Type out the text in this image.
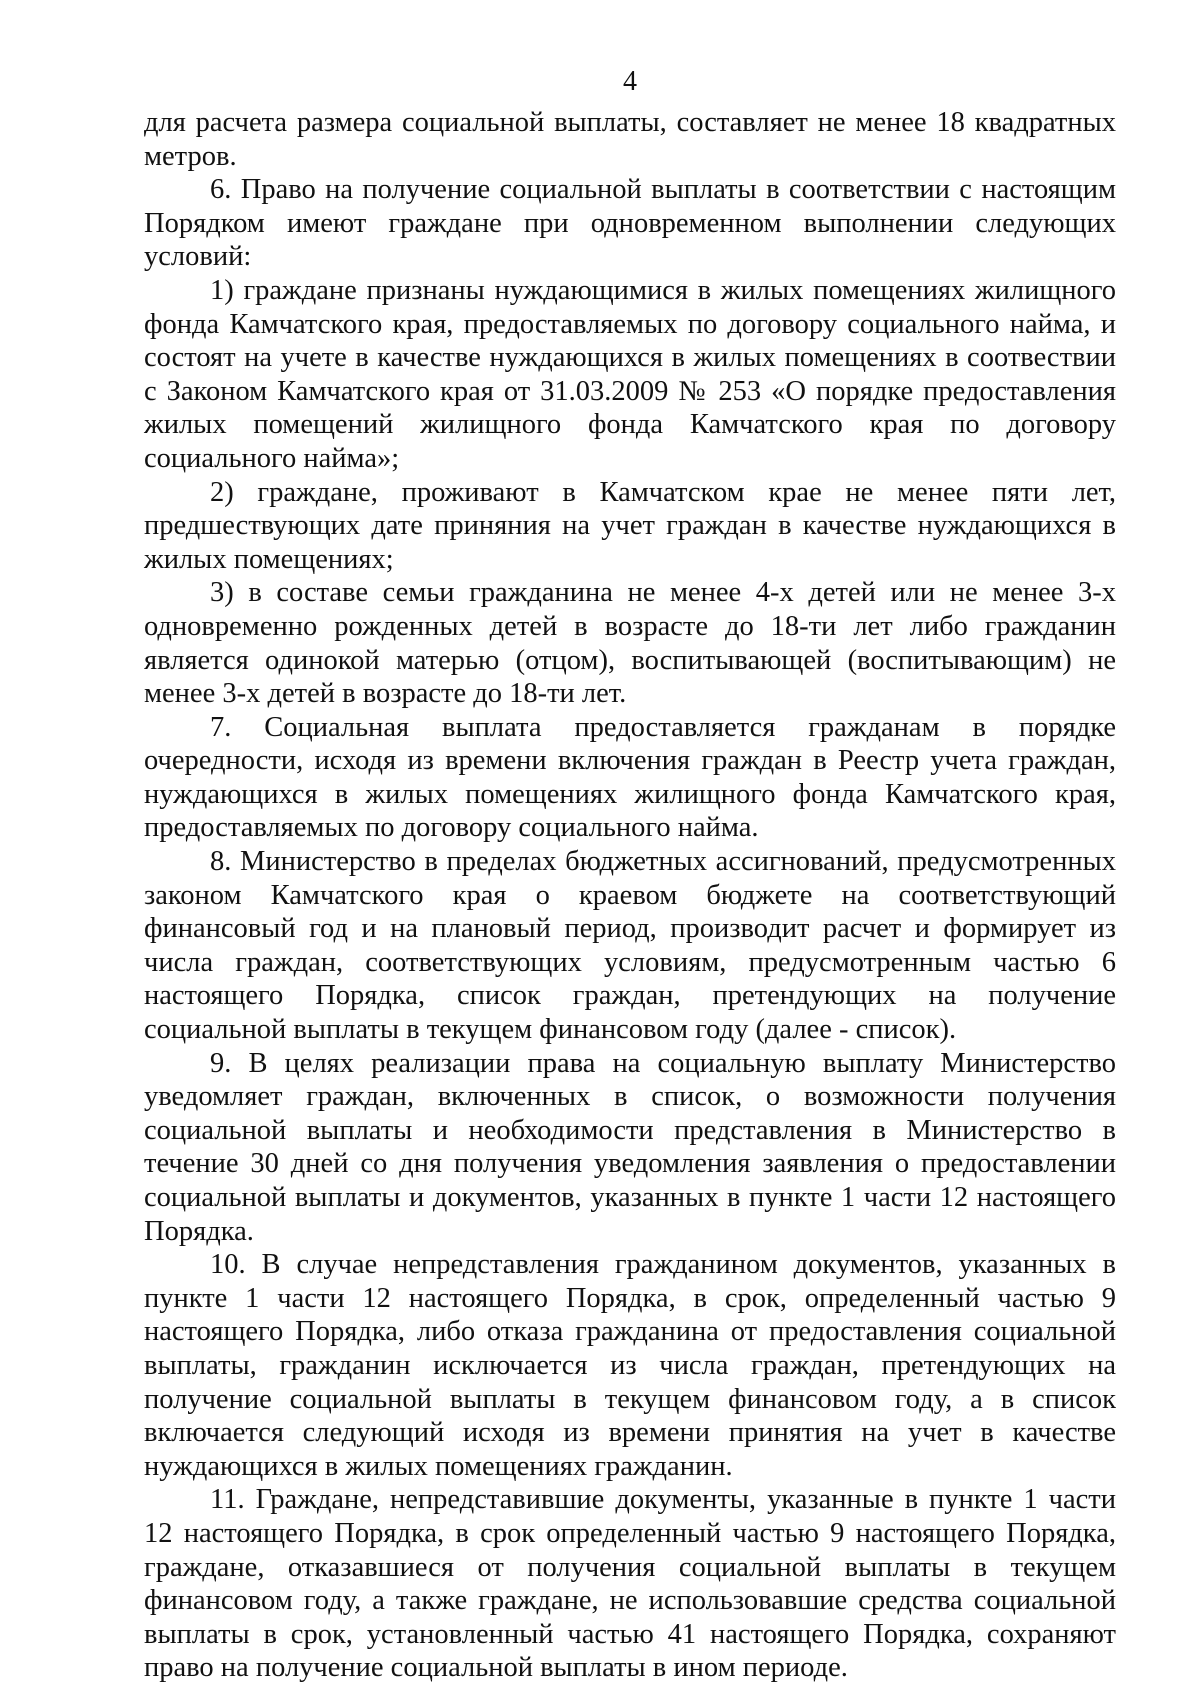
4

для расчета размера социальной выплаты, составляет не менее 18 квадратных метров.

6. Право на получение социальной выплаты в соответствии с настоящим Порядком имеют граждане при одновременном выполнении следующих условий:

1) граждане признаны нуждающимися в жилых помещениях жилищного фонда Камчатского края, предоставляемых по договору социального найма, и состоят на учете в качестве нуждающихся в жилых помещениях в соотвествии с Законом Камчатского края от 31.03.2009 № 253 «О порядке предоставления жилых помещений жилищного фонда Камчатского края по договору социального найма»;

2) граждане, проживают в Камчатском крае не менее пяти лет, предшествующих дате приняния на учет граждан в качестве нуждающихся в жилых помещениях;

3) в составе семьи гражданина не менее 4-х детей или не менее 3-х одновременно рожденных детей в возрасте до 18-ти лет либо гражданин является одинокой матерью (отцом), воспитывающей (воспитывающим) не менее 3-х детей в возрасте до 18-ти лет.

7. Социальная выплата предоставляется гражданам в порядке очередности, исходя из времени включения граждан в Реестр учета граждан, нуждающихся в жилых помещениях жилищного фонда Камчатского края, предоставляемых по договору социального найма.

8. Министерство в пределах бюджетных ассигнований, предусмотренных законом Камчатского края о краевом бюджете на соответствующий финансовый год и на плановый период, производит расчет и формирует из числа граждан, соответствующих условиям, предусмотренным частью 6 настоящего Порядка, список граждан, претендующих на получение социальной выплаты в текущем финансовом году (далее - список).

9. В целях реализации права на социальную выплату Министерство уведомляет граждан, включенных в список, о возможности получения социальной выплаты и необходимости представления в Министерство в течение 30 дней со дня получения уведомления заявления о предоставлении социальной выплаты и документов, указанных в пункте 1 части 12 настоящего Порядка.

10. В случае непредставления гражданином документов, указанных в пункте 1 части 12 настоящего Порядка, в срок, определенный частью 9 настоящего Порядка, либо отказа гражданина от предоставления социальной выплаты, гражданин исключается из числа граждан, претендующих на получение социальной выплаты в текущем финансовом году, а в список включается следующий исходя из времени принятия на учет в качестве нуждающихся в жилых помещениях гражданин.

11. Граждане, непредставившие документы, указанные в пункте 1 части 12 настоящего Порядка, в срок определенный частью 9 настоящего Порядка, граждане, отказавшиеся от получения социальной выплаты в текущем финансовом году, а также граждане, не использовавшие средства социальной выплаты в срок, установленный частью 41 настоящего Порядка, сохраняют право на получение социальной выплаты в ином периоде.
